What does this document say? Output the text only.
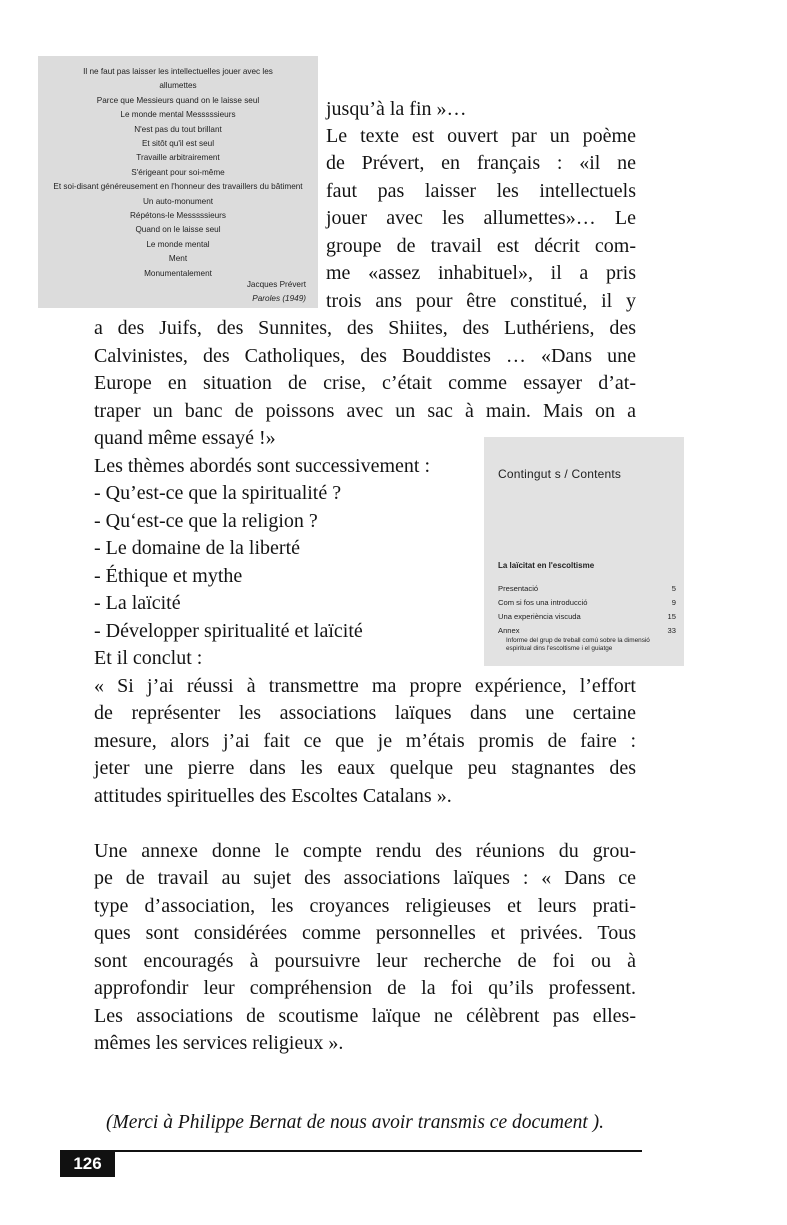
Il ne faut pas laisser les intellectuelles jouer avec les
allumettes
Parce que Messieurs quand on le laisse seul
Le monde mental Messsssieurs
N'est pas du tout brillant
Et sitôt qu'il est seul
Travaille arbitrairement
S'érigeant pour soi-même
Et soi-disant généreusement en l'honneur des travaillers du bâtiment
Un auto-monument
Répétons-le Messsssieurs
Quand on le laisse seul
Le monde mental
Ment
Monumentalement
Jacques Prévert
Paroles (1949)
jusqu’à la fin »…
Le texte est ouvert par un poème
de Prévert, en français : «il ne
faut pas laisser les intellectuels
jouer avec les allumettes»… Le
groupe de travail est décrit com-
me «assez inhabituel», il a pris
trois ans pour être constitué, il y
a des Juifs, des Sunnites, des Shiites, des Luthériens, des
Calvinistes, des Catholiques, des Bouddistes … «Dans une
Europe en situation de crise, c’était comme essayer d’at-
traper un banc de poissons avec un sac à main. Mais on a
quand même essayé !»
Les thèmes abordés sont successivement :
- Qu’est-ce que la spiritualité ?
- Qu‘est-ce que la religion ?
- Le domaine de la liberté
- Éthique et mythe
- La laïcité
- Développer spiritualité et laïcité
Et il conclut :
« Si j’ai réussi à transmettre ma propre expérience, l’effort
de représenter les associations laïques dans une certaine
mesure, alors j’ai fait ce que je m’étais promis de faire :
jeter une pierre dans les eaux quelque peu stagnantes des
attitudes spirituelles des Escoltes Catalans ».
Une annexe donne le compte rendu des réunions du grou-
pe de travail au sujet des associations laïques : « Dans ce
type d’association, les croyances religieuses et leurs prati-
ques sont considérées comme personnelles et privées. Tous
sont encouragés à poursuivre leur recherche de foi ou à
approfondir leur compréhension de la foi qu’ils professent.
Les associations de scoutisme laïque ne célèbrent pas elles-
mêmes les services religieux ».
Contingut s / Contents
La laïcitat en l'escoltisme
Presentació	5
Com si fos una introducció	9
Una experiència viscuda	15
Annex	33
Informe del grup de treball comú sobre la dimensió
espiritual dins l'escoltisme i el guiatge
(Merci à Philippe Bernat de nous avoir transmis ce document ).
126
